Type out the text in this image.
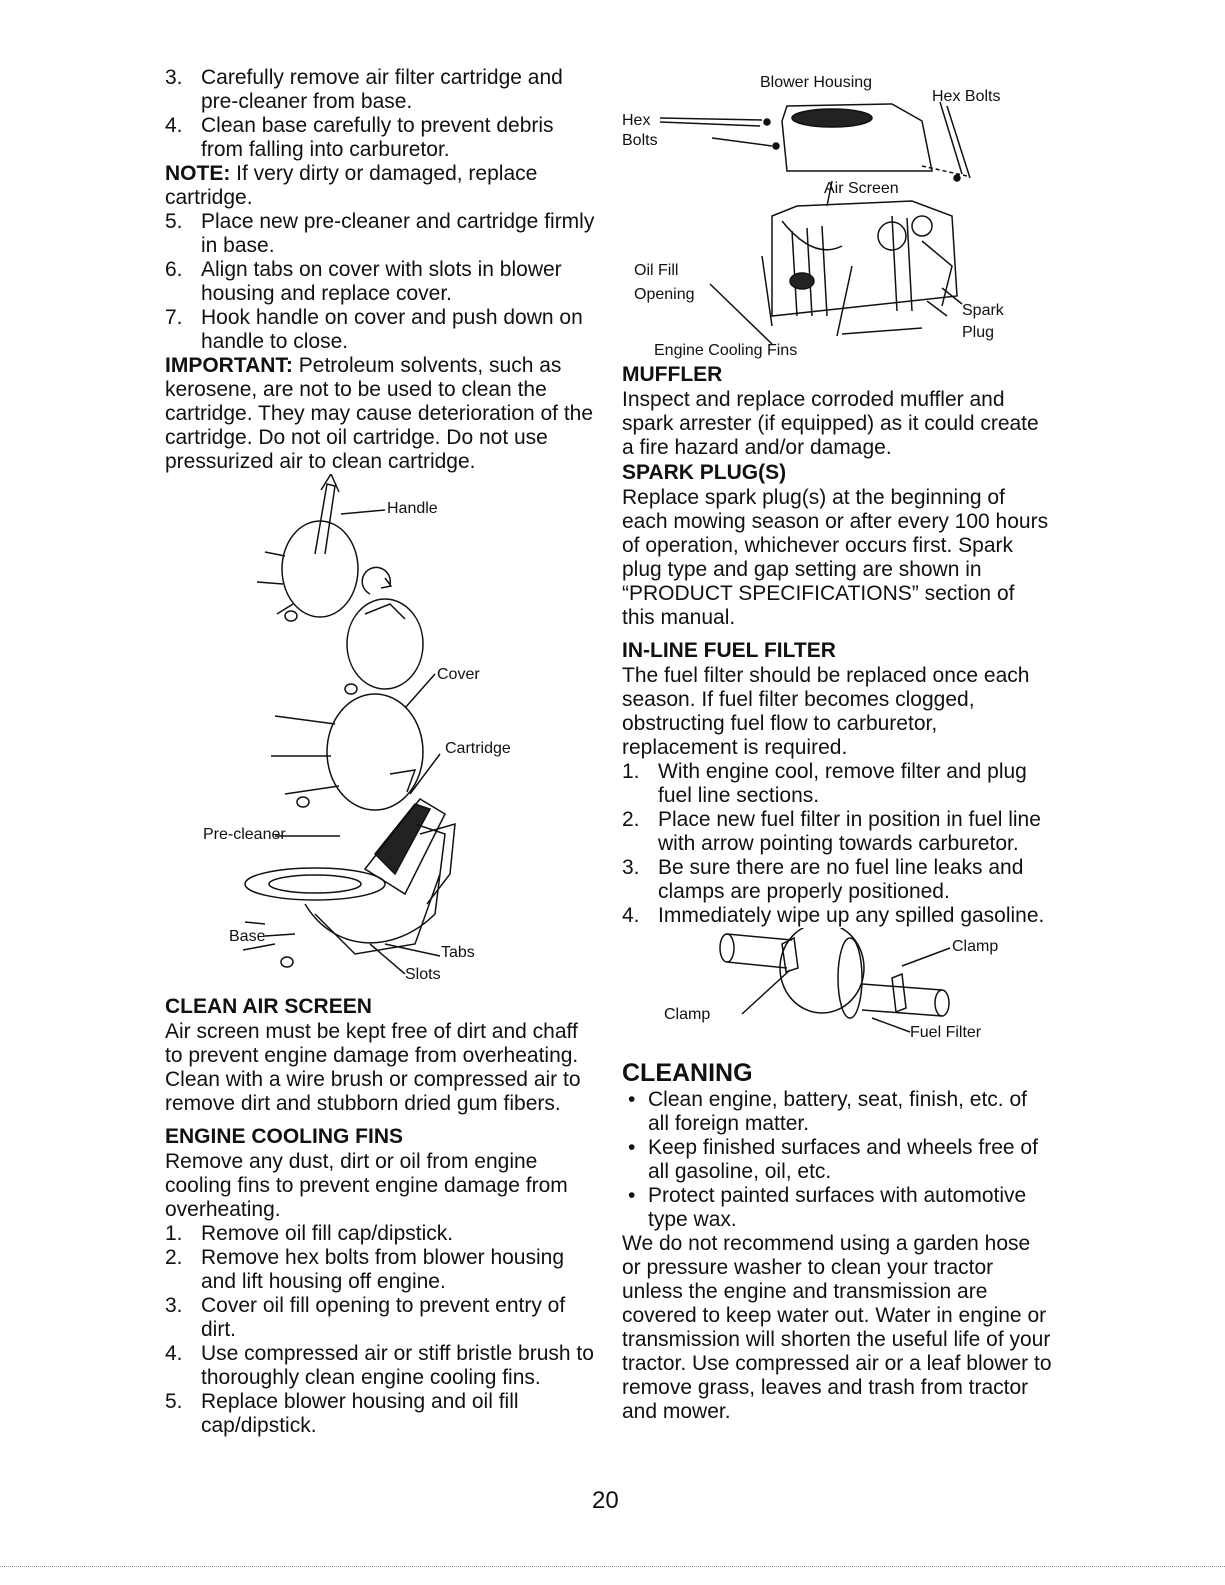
3. Carefully remove air filter cartridge and pre-cleaner from base.
4. Clean base carefully to prevent debris from falling into carburetor.

NOTE: If very dirty or damaged, replace cartridge.

5. Place new pre-cleaner and cartridge firmly in base.
6. Align tabs on cover with slots in blower housing and replace cover.
7. Hook handle on cover and push down on handle to close.

IMPORTANT: Petroleum solvents, such as kerosene, are not to be used to clean the cartridge. They may cause deterioration of the cartridge. Do not oil cartridge. Do not use pressurized air to clean cartridge.

Handle
Cover
Cartridge
Pre-cleaner
Base
Tabs
Slots
CLEAN AIR SCREEN

Air screen must be kept free of dirt and chaff to prevent engine damage from overheating. Clean with a wire brush or compressed air to remove dirt and stubborn dried gum fibers.

ENGINE COOLING FINS

Remove any dust, dirt or oil from engine cooling fins to prevent engine damage from overheating.

1. Remove oil fill cap/dipstick.
2. Remove hex bolts from blower housing and lift housing off engine.
3. Cover oil fill opening to prevent entry of dirt.
4. Use compressed air or stiff bristle brush to thoroughly clean engine cooling fins.
5. Replace blower housing and oil fill cap/dipstick.
Blower Housing
Hex Bolts
Hex
Bolts
Air Screen
Oil Fill
Opening
Spark
Plug
Engine Cooling Fins
MUFFLER

Inspect and replace corroded muffler and spark arrester (if equipped) as it could create a fire hazard and/or damage.

SPARK PLUG(S)

Replace spark plug(s) at the beginning of each mowing season or after every 100 hours of operation, whichever occurs first. Spark plug type and gap setting are shown in “PRODUCT SPECIFICATIONS” section of this manual.

IN-LINE FUEL FILTER

The fuel filter should be replaced once each season. If fuel filter becomes clogged, obstructing fuel flow to carburetor, replacement is required.

1. With engine cool, remove filter and plug fuel line sections.
2. Place new fuel filter in position in fuel line with arrow pointing towards carburetor.
3. Be sure there are no fuel line leaks and clamps are properly positioned.
4. Immediately wipe up any spilled gasoline.
Clamp
Clamp
Fuel Filter
CLEANING
• Clean engine, battery, seat, finish, etc. of all foreign matter.
• Keep finished surfaces and wheels free of all gasoline, oil, etc.
• Protect painted surfaces with automotive type wax.

We do not recommend using a garden hose or pressure washer to clean your tractor unless the engine and transmission are covered to keep water out. Water in engine or transmission will shorten the useful life of your tractor. Use compressed air or a leaf blower to remove grass, leaves and trash from tractor and mower.

20
